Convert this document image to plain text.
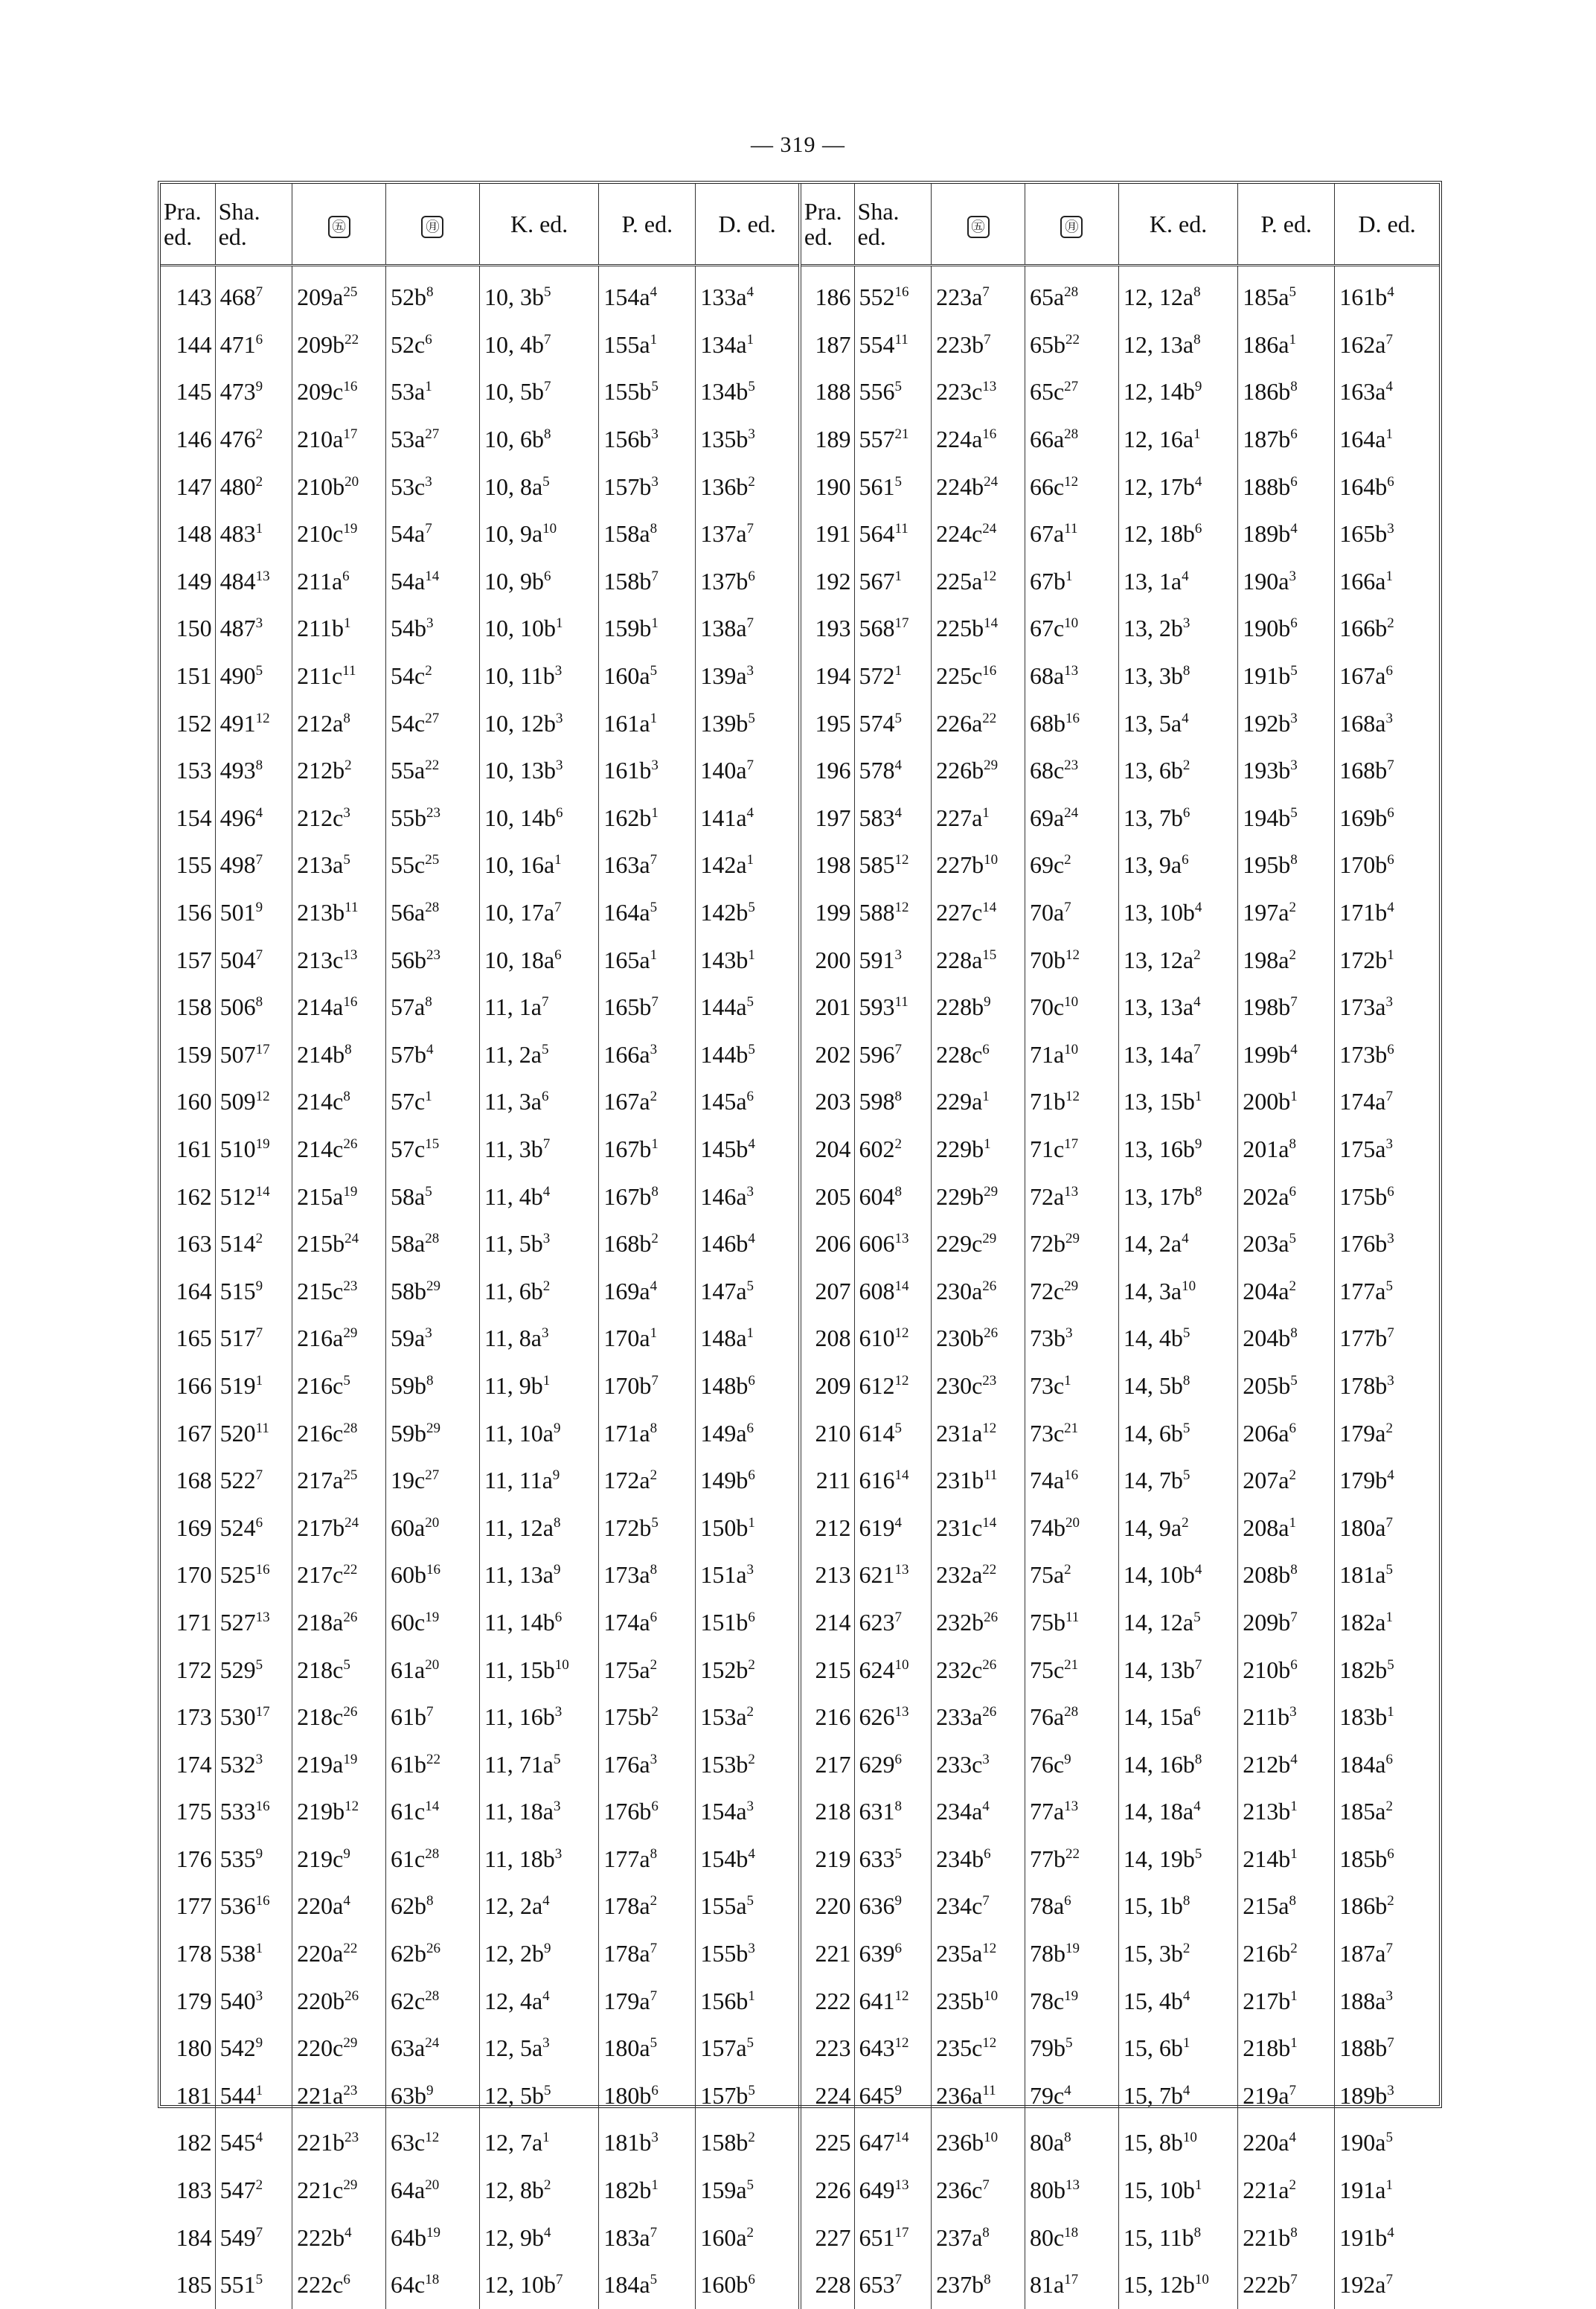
— 319 —
Pra. ed.	Sha. ed.	㊄	㊊	K. ed.	P. ed.	D. ed.	Pra. ed.	Sha. ed.	㊄	㊊	K. ed.	P. ed.	D. ed.
143	$468^7$	$209a^{25}$	$52b^8$	10, $3b^5$	$154a^4$	$133a^4$	186	$552^{16}$	$223a^7$	$65a^{28}$	12, $12a^8$	$185a^5$	$161b^4$
144	$471^6$	$209b^{22}$	$52c^6$	10, $4b^7$	$155a^1$	$134a^1$	187	$554^{11}$	$223b^7$	$65b^{22}$	12, $13a^8$	$186a^1$	$162a^7$
145	$473^9$	$209c^{16}$	$53a^1$	10, $5b^7$	$155b^5$	$134b^5$	188	$556^5$	$223c^{13}$	$65c^{27}$	12, $14b^9$	$186b^8$	$163a^4$
146	$476^2$	$210a^{17}$	$53a^{27}$	10, $6b^8$	$156b^3$	$135b^3$	189	$557^{21}$	$224a^{16}$	$66a^{28}$	12, $16a^1$	$187b^6$	$164a^1$
147	$480^2$	$210b^{20}$	$53c^3$	10, $8a^5$	$157b^3$	$136b^2$	190	$561^5$	$224b^{24}$	$66c^{12}$	12, $17b^4$	$188b^6$	$164b^6$
148	$483^1$	$210c^{19}$	$54a^7$	10, $9a^{10}$	$158a^8$	$137a^7$	191	$564^{11}$	$224c^{24}$	$67a^{11}$	12, $18b^6$	$189b^4$	$165b^3$
149	$484^{13}$	$211a^6$	$54a^{14}$	10, $9b^6$	$158b^7$	$137b^6$	192	$567^1$	$225a^{12}$	$67b^1$	13, $1a^4$	$190a^3$	$166a^1$
150	$487^3$	$211b^1$	$54b^3$	10, $10b^1$	$159b^1$	$138a^7$	193	$568^{17}$	$225b^{14}$	$67c^{10}$	13, $2b^3$	$190b^6$	$166b^2$
151	$490^5$	$211c^{11}$	$54c^2$	10, $11b^3$	$160a^5$	$139a^3$	194	$572^1$	$225c^{16}$	$68a^{13}$	13, $3b^8$	$191b^5$	$167a^6$
152	$491^{12}$	$212a^8$	$54c^{27}$	10, $12b^3$	$161a^1$	$139b^5$	195	$574^5$	$226a^{22}$	$68b^{16}$	13, $5a^4$	$192b^3$	$168a^3$
153	$493^8$	$212b^2$	$55a^{22}$	10, $13b^3$	$161b^3$	$140a^7$	196	$578^4$	$226b^{29}$	$68c^{23}$	13, $6b^2$	$193b^3$	$168b^7$
154	$496^4$	$212c^3$	$55b^{23}$	10, $14b^6$	$162b^1$	$141a^4$	197	$583^4$	$227a^1$	$69a^{24}$	13, $7b^6$	$194b^5$	$169b^6$
155	$498^7$	$213a^5$	$55c^{25}$	10, $16a^1$	$163a^7$	$142a^1$	198	$585^{12}$	$227b^{10}$	$69c^2$	13, $9a^6$	$195b^8$	$170b^6$
156	$501^9$	$213b^{11}$	$56a^{28}$	10, $17a^7$	$164a^5$	$142b^5$	199	$588^{12}$	$227c^{14}$	$70a^7$	13, $10b^4$	$197a^2$	$171b^4$
157	$504^7$	$213c^{13}$	$56b^{23}$	10, $18a^6$	$165a^1$	$143b^1$	200	$591^3$	$228a^{15}$	$70b^{12}$	13, $12a^2$	$198a^2$	$172b^1$
158	$506^8$	$214a^{16}$	$57a^8$	11, $1a^7$	$165b^7$	$144a^5$	201	$593^{11}$	$228b^9$	$70c^{10}$	13, $13a^4$	$198b^7$	$173a^3$
159	$507^{17}$	$214b^8$	$57b^4$	11, $2a^5$	$166a^3$	$144b^5$	202	$596^7$	$228c^6$	$71a^{10}$	13, $14a^7$	$199b^4$	$173b^6$
160	$509^{12}$	$214c^8$	$57c^1$	11, $3a^6$	$167a^2$	$145a^6$	203	$598^8$	$229a^1$	$71b^{12}$	13, $15b^1$	$200b^1$	$174a^7$
161	$510^{19}$	$214c^{26}$	$57c^{15}$	11, $3b^7$	$167b^1$	$145b^4$	204	$602^2$	$229b^1$	$71c^{17}$	13, $16b^9$	$201a^8$	$175a^3$
162	$512^{14}$	$215a^{19}$	$58a^5$	11, $4b^4$	$167b^8$	$146a^3$	205	$604^8$	$229b^{29}$	$72a^{13}$	13, $17b^8$	$202a^6$	$175b^6$
163	$514^2$	$215b^{24}$	$58a^{28}$	11, $5b^3$	$168b^2$	$146b^4$	206	$606^{13}$	$229c^{29}$	$72b^{29}$	14, $2a^4$	$203a^5$	$176b^3$
164	$515^9$	$215c^{23}$	$58b^{29}$	11, $6b^2$	$169a^4$	$147a^5$	207	$608^{14}$	$230a^{26}$	$72c^{29}$	14, $3a^{10}$	$204a^2$	$177a^5$
165	$517^7$	$216a^{29}$	$59a^3$	11, $8a^3$	$170a^1$	$148a^1$	208	$610^{12}$	$230b^{26}$	$73b^3$	14, $4b^5$	$204b^8$	$177b^7$
166	$519^1$	$216c^5$	$59b^8$	11, $9b^1$	$170b^7$	$148b^6$	209	$612^{12}$	$230c^{23}$	$73c^1$	14, $5b^8$	$205b^5$	$178b^3$
167	$520^{11}$	$216c^{28}$	$59b^{29}$	11, $10a^9$	$171a^8$	$149a^6$	210	$614^5$	$231a^{12}$	$73c^{21}$	14, $6b^5$	$206a^6$	$179a^2$
168	$522^7$	$217a^{25}$	$19c^{27}$	11, $11a^9$	$172a^2$	$149b^6$	211	$616^{14}$	$231b^{11}$	$74a^{16}$	14, $7b^5$	$207a^2$	$179b^4$
169	$524^6$	$217b^{24}$	$60a^{20}$	11, $12a^8$	$172b^5$	$150b^1$	212	$619^4$	$231c^{14}$	$74b^{20}$	14, $9a^2$	$208a^1$	$180a^7$
170	$525^{16}$	$217c^{22}$	$60b^{16}$	11, $13a^9$	$173a^8$	$151a^3$	213	$621^{13}$	$232a^{22}$	$75a^2$	14, $10b^4$	$208b^8$	$181a^5$
171	$527^{13}$	$218a^{26}$	$60c^{19}$	11, $14b^6$	$174a^6$	$151b^6$	214	$623^7$	$232b^{26}$	$75b^{11}$	14, $12a^5$	$209b^7$	$182a^1$
172	$529^5$	$218c^5$	$61a^{20}$	11, $15b^{10}$	$175a^2$	$152b^2$	215	$624^{10}$	$232c^{26}$	$75c^{21}$	14, $13b^7$	$210b^6$	$182b^5$
173	$530^{17}$	$218c^{26}$	$61b^7$	11, $16b^3$	$175b^2$	$153a^2$	216	$626^{13}$	$233a^{26}$	$76a^{28}$	14, $15a^6$	$211b^3$	$183b^1$
174	$532^3$	$219a^{19}$	$61b^{22}$	11, $71a^5$	$176a^3$	$153b^2$	217	$629^6$	$233c^3$	$76c^9$	14, $16b^8$	$212b^4$	$184a^6$
175	$533^{16}$	$219b^{12}$	$61c^{14}$	11, $18a^3$	$176b^6$	$154a^3$	218	$631^8$	$234a^4$	$77a^{13}$	14, $18a^4$	$213b^1$	$185a^2$
176	$535^9$	$219c^9$	$61c^{28}$	11, $18b^3$	$177a^8$	$154b^4$	219	$633^5$	$234b^6$	$77b^{22}$	14, $19b^5$	$214b^1$	$185b^6$
177	$536^{16}$	$220a^4$	$62b^8$	12, $2a^4$	$178a^2$	$155a^5$	220	$636^9$	$234c^7$	$78a^6$	15, $1b^8$	$215a^8$	$186b^2$
178	$538^1$	$220a^{22}$	$62b^{26}$	12, $2b^9$	$178a^7$	$155b^3$	221	$639^6$	$235a^{12}$	$78b^{19}$	15, $3b^2$	$216b^2$	$187a^7$
179	$540^3$	$220b^{26}$	$62c^{28}$	12, $4a^4$	$179a^7$	$156b^1$	222	$641^{12}$	$235b^{10}$	$78c^{19}$	15, $4b^4$	$217b^1$	$188a^3$
180	$542^9$	$220c^{29}$	$63a^{24}$	12, $5a^3$	$180a^5$	$157a^5$	223	$643^{12}$	$235c^{12}$	$79b^5$	15, $6b^1$	$218b^1$	$188b^7$
181	$544^1$	$221a^{23}$	$63b^9$	12, $5b^5$	$180b^6$	$157b^5$	224	$645^9$	$236a^{11}$	$79c^4$	15, $7b^4$	$219a^7$	$189b^3$
182	$545^4$	$221b^{23}$	$63c^{12}$	12, $7a^1$	$181b^3$	$158b^2$	225	$647^{14}$	$236b^{10}$	$80a^8$	15, $8b^{10}$	$220a^4$	$190a^5$
183	$547^2$	$221c^{29}$	$64a^{20}$	12, $8b^2$	$182b^1$	$159a^5$	226	$649^{13}$	$236c^7$	$80b^{13}$	15, $10b^1$	$221a^2$	$191a^1$
184	$549^7$	$222b^4$	$64b^{19}$	12, $9b^4$	$183a^7$	$160a^2$	227	$651^{17}$	$237a^8$	$80c^{18}$	15, $11b^8$	$221b^8$	$191b^4$
185	$551^5$	$222c^6$	$64c^{18}$	12, $10b^7$	$184a^5$	$160b^6$	228	$653^7$	$237b^8$	$81a^{17}$	15, $12b^{10}$	$222b^7$	$192a^7$
